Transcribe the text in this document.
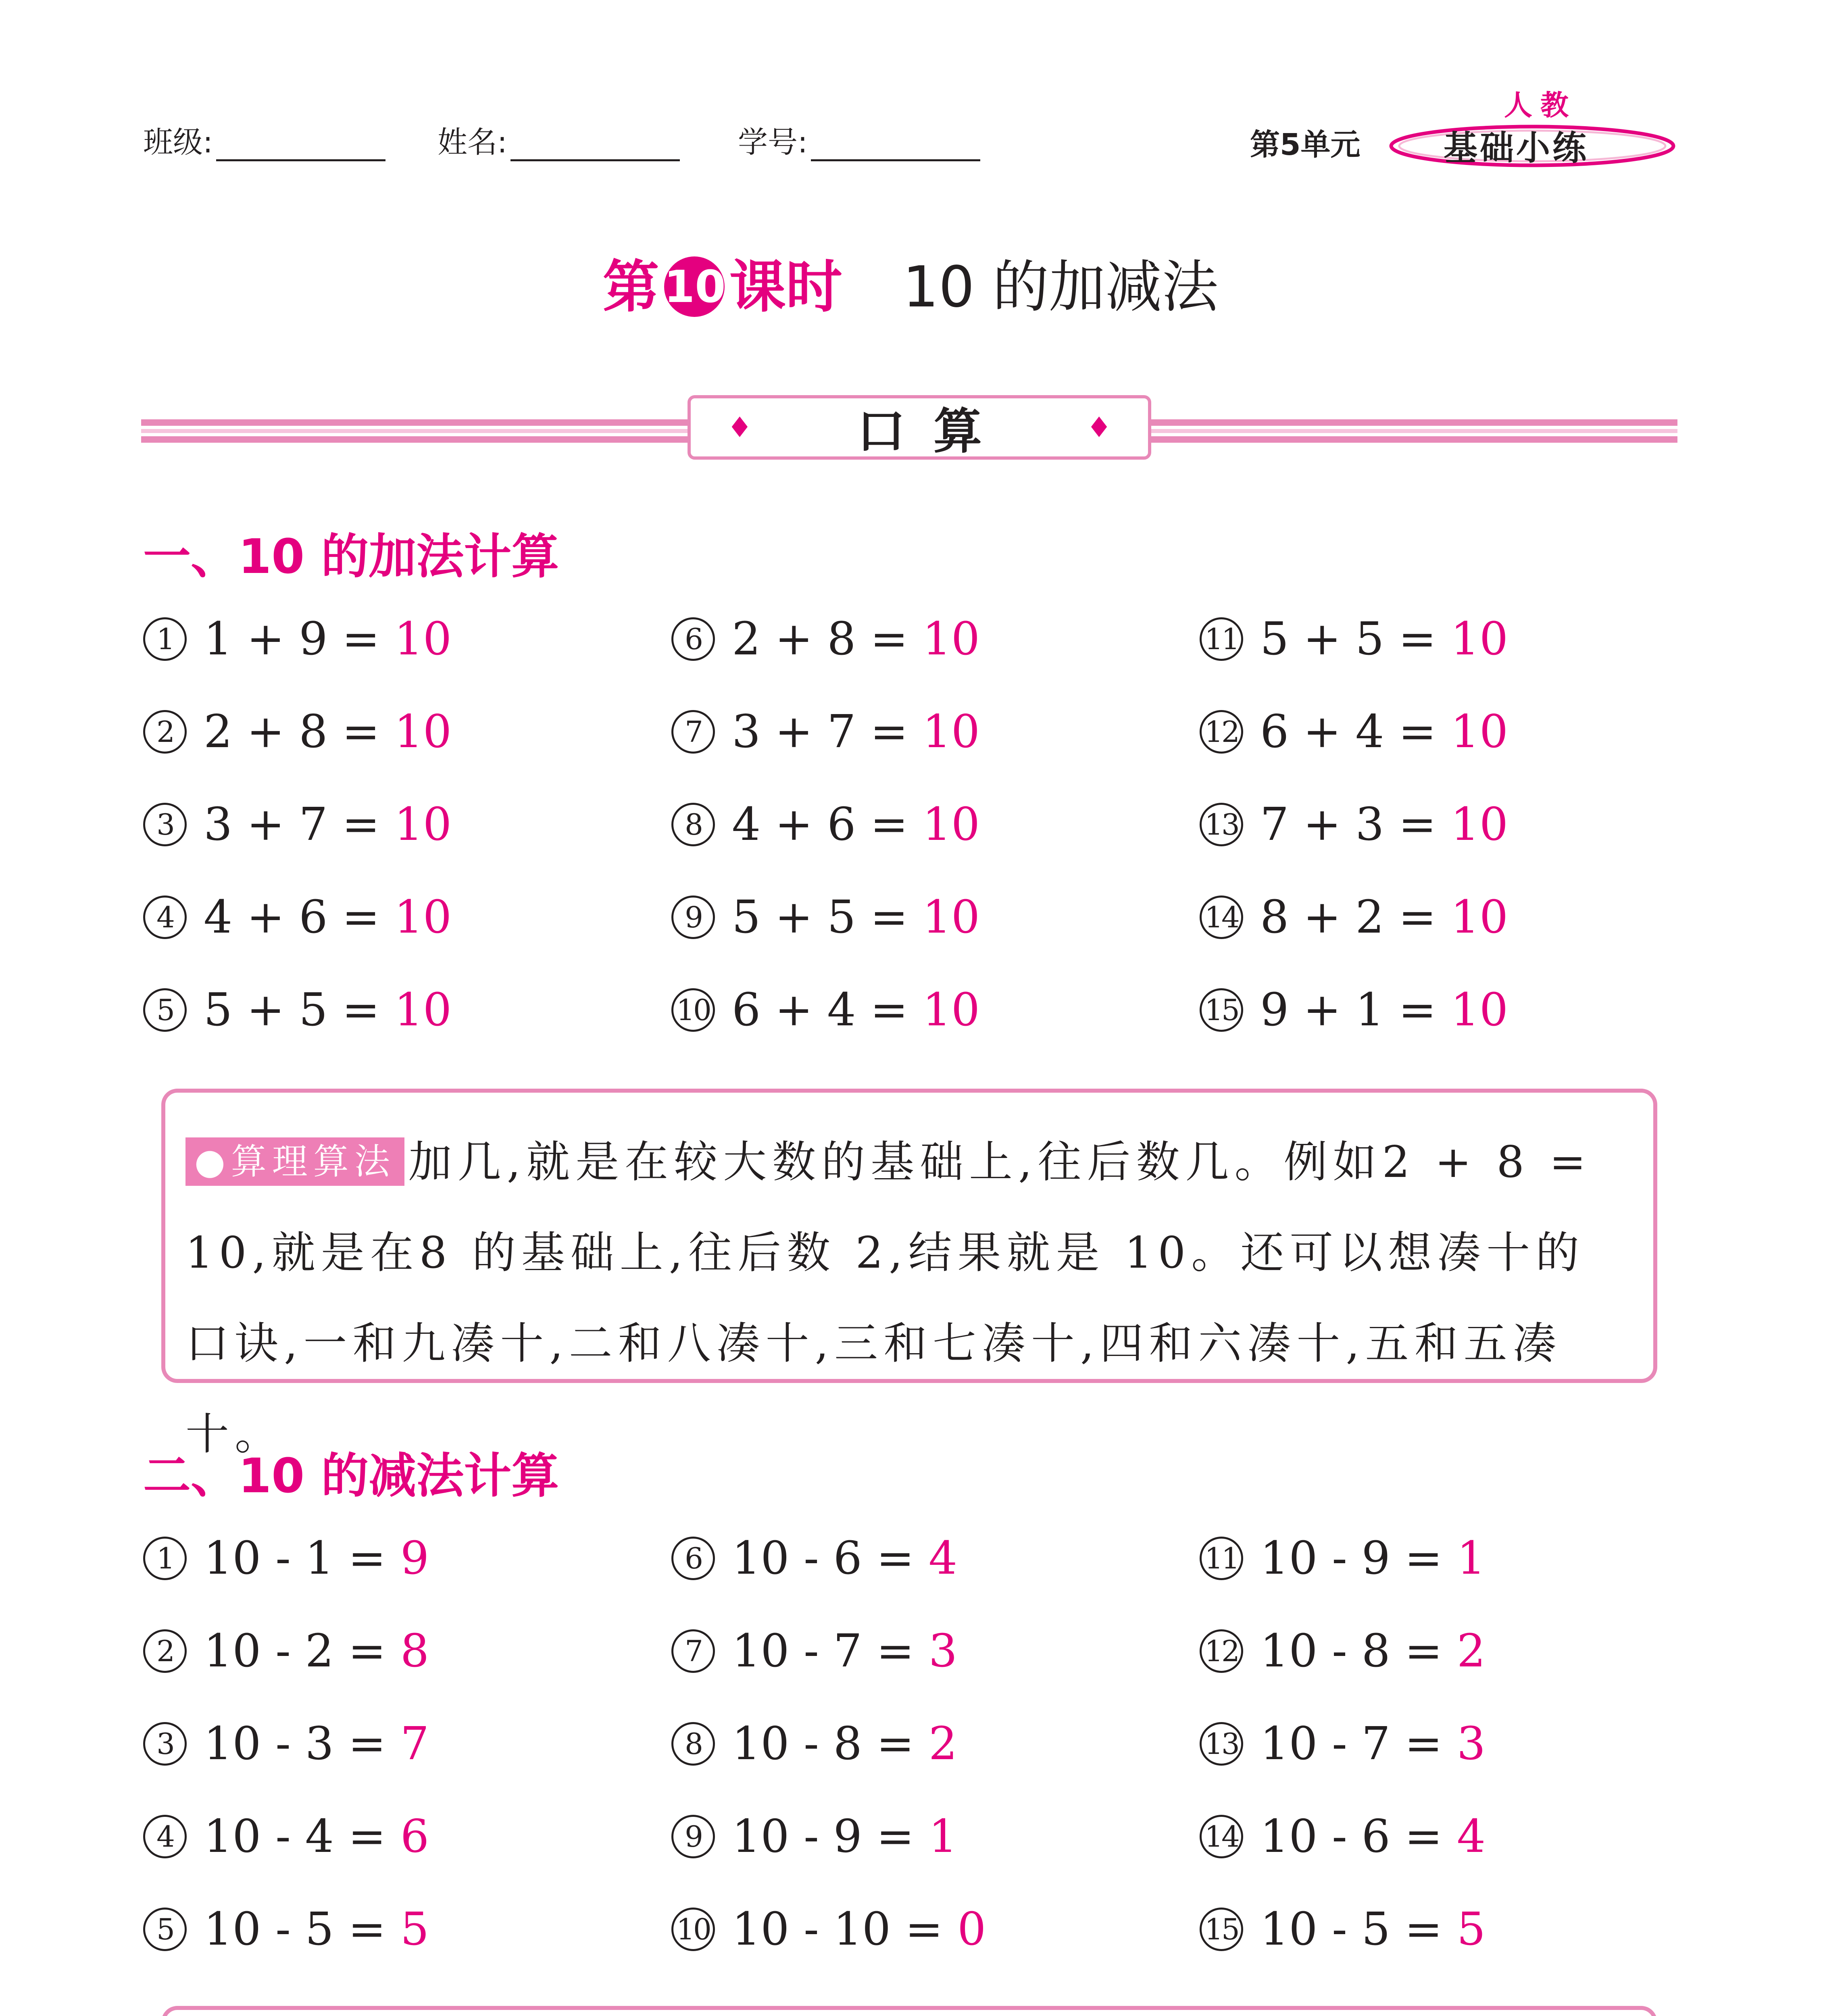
班级:	姓名:	学号:	第5单元
人教
基础小练
第 10课时 10 的加减法
♦ 口算	♦
一、10 的加法计算
1 1 + 9 = 10	6 2 + 8 = 10	11 5 + 5 = 10
2 2 + 8 = 10	7 3 + 7 = 10	12 6 + 4 = 10
3 3 + 7 = 10	8 4 + 6 = 10	13 7 + 3 = 10
4 4 + 6 = 10	9 5 + 5 = 10	14 8 + 2 = 10
5 5 + 5 = 10	10 6 + 4 = 10	15 9 + 1 = 10
●算理算法 加几,就是在较大数的基础上,往后数几。例如2 + 8 = 10,就是在8 的基础上,往后数 2,结果就是 10。还可以想凑十的口诀,一和九凑十,二和八凑十,三和七凑十,四和六凑十,五和五凑十。
二、10 的减法计算
1 10 - 1 = 9	6 10 - 6 = 4	11 10 - 9 = 1
2 10 - 2 = 8	7 10 - 7 = 3	12 10 - 8 = 2
3 10 - 3 = 7	8 10 - 8 = 2	13 10 - 7 = 3
4 10 - 4 = 6	9 10 - 9 = 1	14 10 - 6 = 4
5 10 - 5 = 5	10 10 - 10 = 0	15 10 - 5 = 5
